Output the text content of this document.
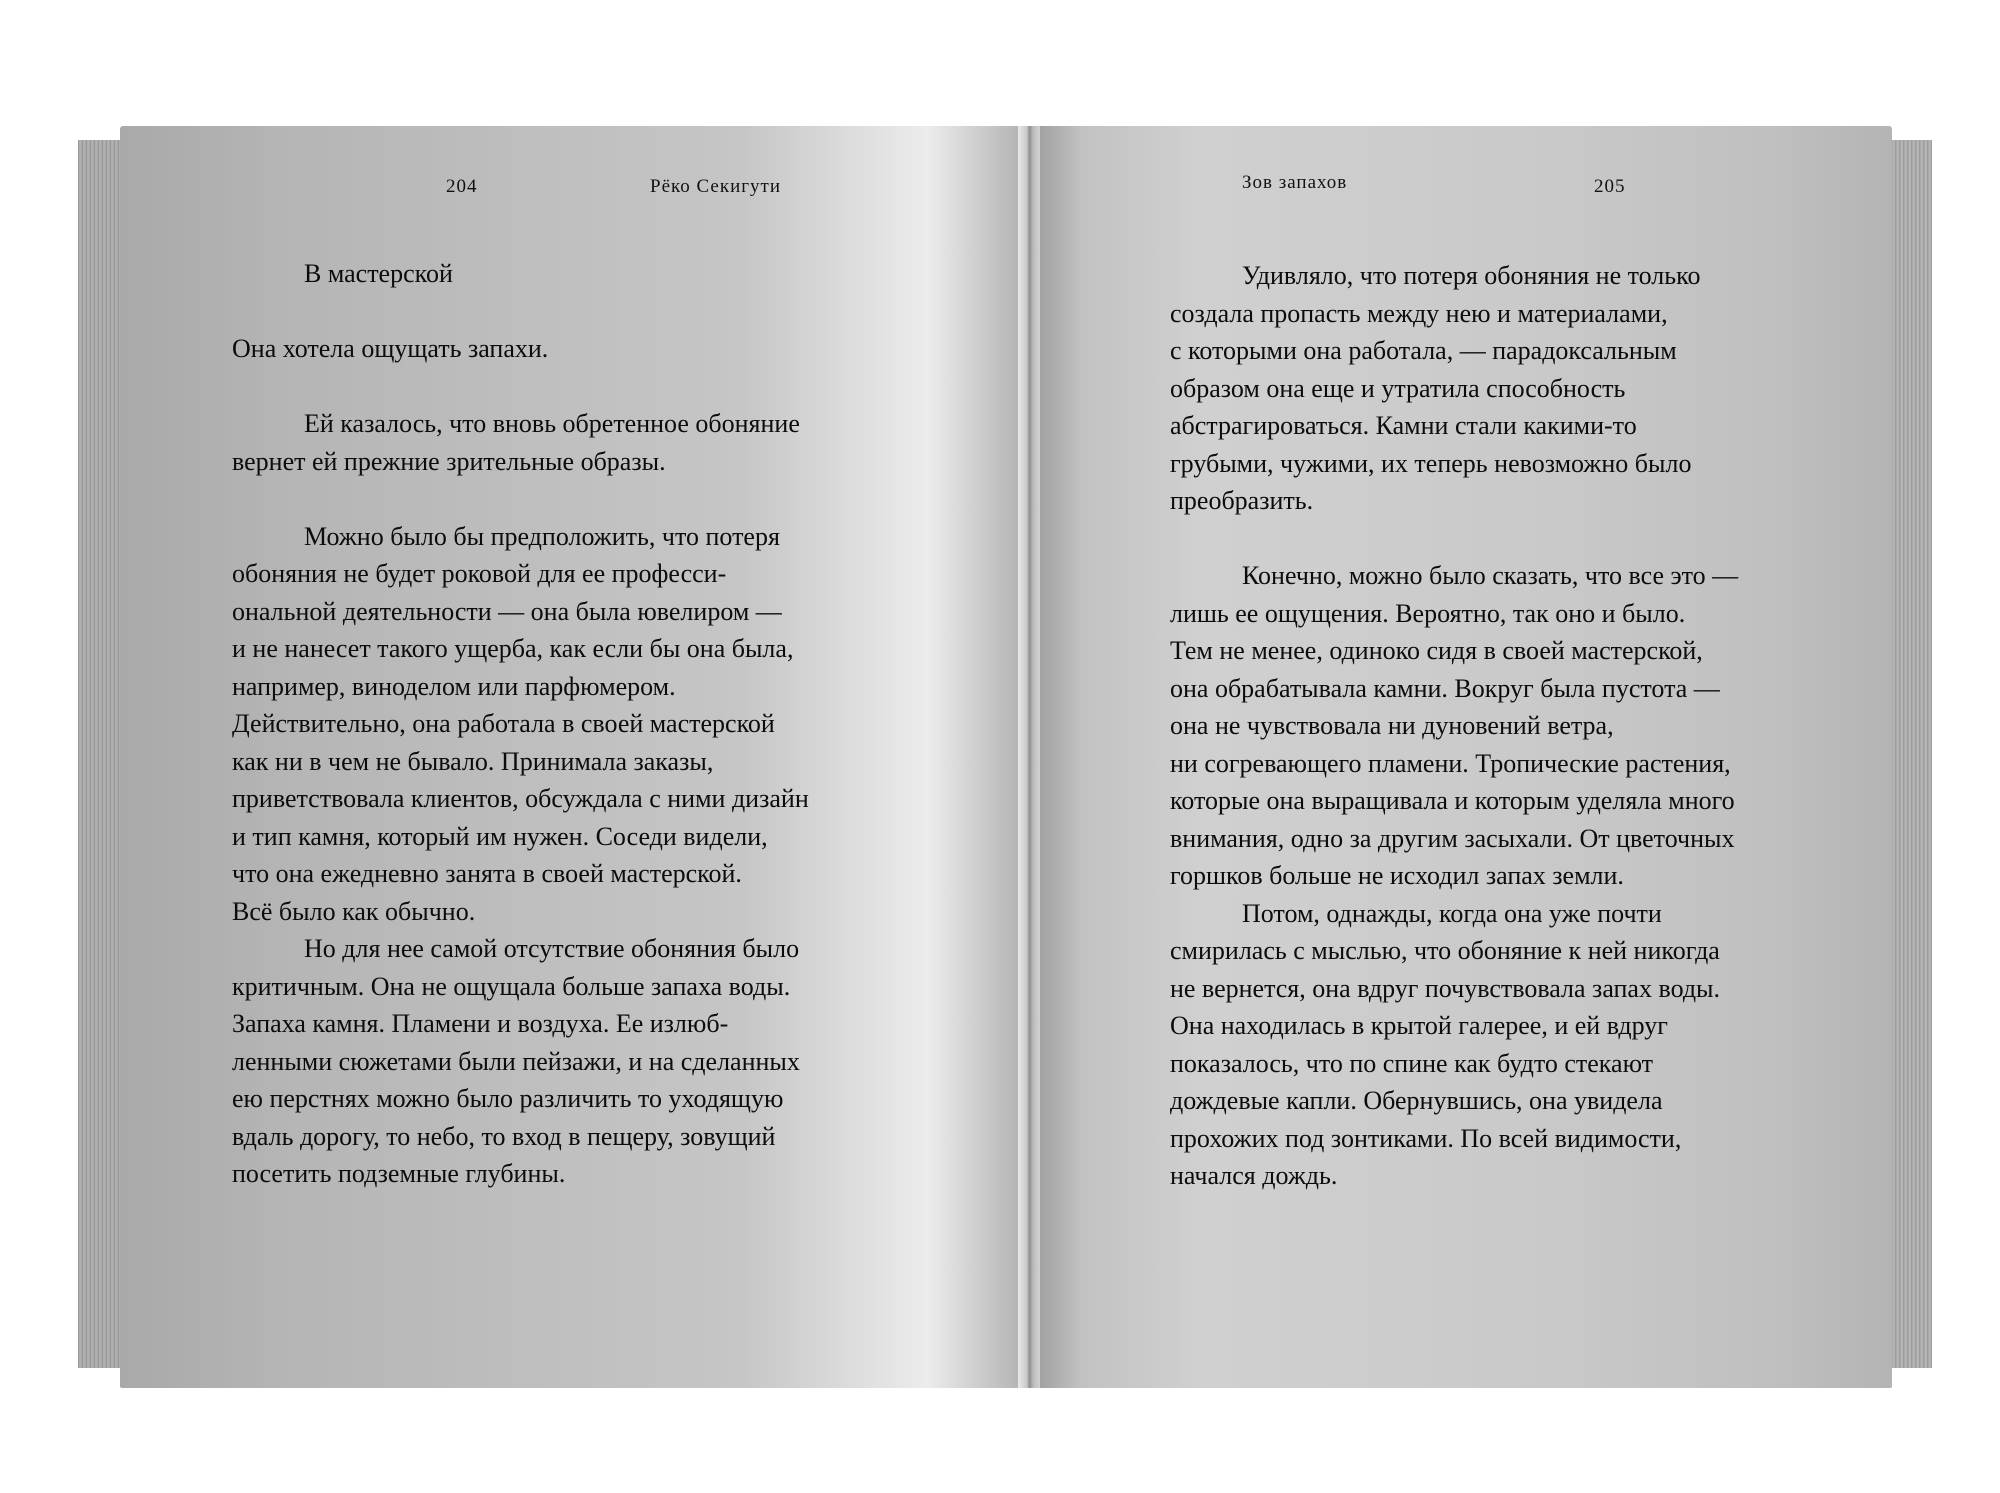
204	Рёко Секигути	Зов запахов	205
В мастерской
Она хотела ощущать запахи.
Ей казалось, что вновь обретенное обоняние
вернет ей прежние зрительные образы.
Можно было бы предположить, что потеря
обоняния не будет роковой для ее професси-
ональной деятельности — она была ювелиром —
и не нанесет такого ущерба, как если бы она была,
например, виноделом или парфюмером.
Действительно, она работала в своей мастерской
как ни в чем не бывало. Принимала заказы,
приветствовала клиентов, обсуждала с ними дизайн
и тип камня, который им нужен. Соседи видели,
что она ежедневно занята в своей мастерской.
Всё было как обычно.
Но для нее самой отсутствие обоняния было
критичным. Она не ощущала больше запаха воды.
Запаха камня. Пламени и воздуха. Ее излюб-
ленными сюжетами были пейзажи, и на сделанных
ею перстнях можно было различить то уходящую
вдаль дорогу, то небо, то вход в пещеру, зовущий
посетить подземные глубины.
Удивляло, что потеря обоняния не только
создала пропасть между нею и материалами,
с которыми она работала, — парадоксальным
образом она еще и утратила способность
абстрагироваться. Камни стали какими-то
грубыми, чужими, их теперь невозможно было
преобразить.
Конечно, можно было сказать, что все это —
лишь ее ощущения. Вероятно, так оно и было.
Тем не менее, одиноко сидя в своей мастерской,
она обрабатывала камни. Вокруг была пустота —
она не чувствовала ни дуновений ветра,
ни согревающего пламени. Тропические растения,
которые она выращивала и которым уделяла много
внимания, одно за другим засыхали. От цветочных
горшков больше не исходил запах земли.
Потом, однажды, когда она уже почти
смирилась с мыслью, что обоняние к ней никогда
не вернется, она вдруг почувствовала запах воды.
Она находилась в крытой галерее, и ей вдруг
показалось, что по спине как будто стекают
дождевые капли. Обернувшись, она увидела
прохожих под зонтиками. По всей видимости,
начался дождь.
